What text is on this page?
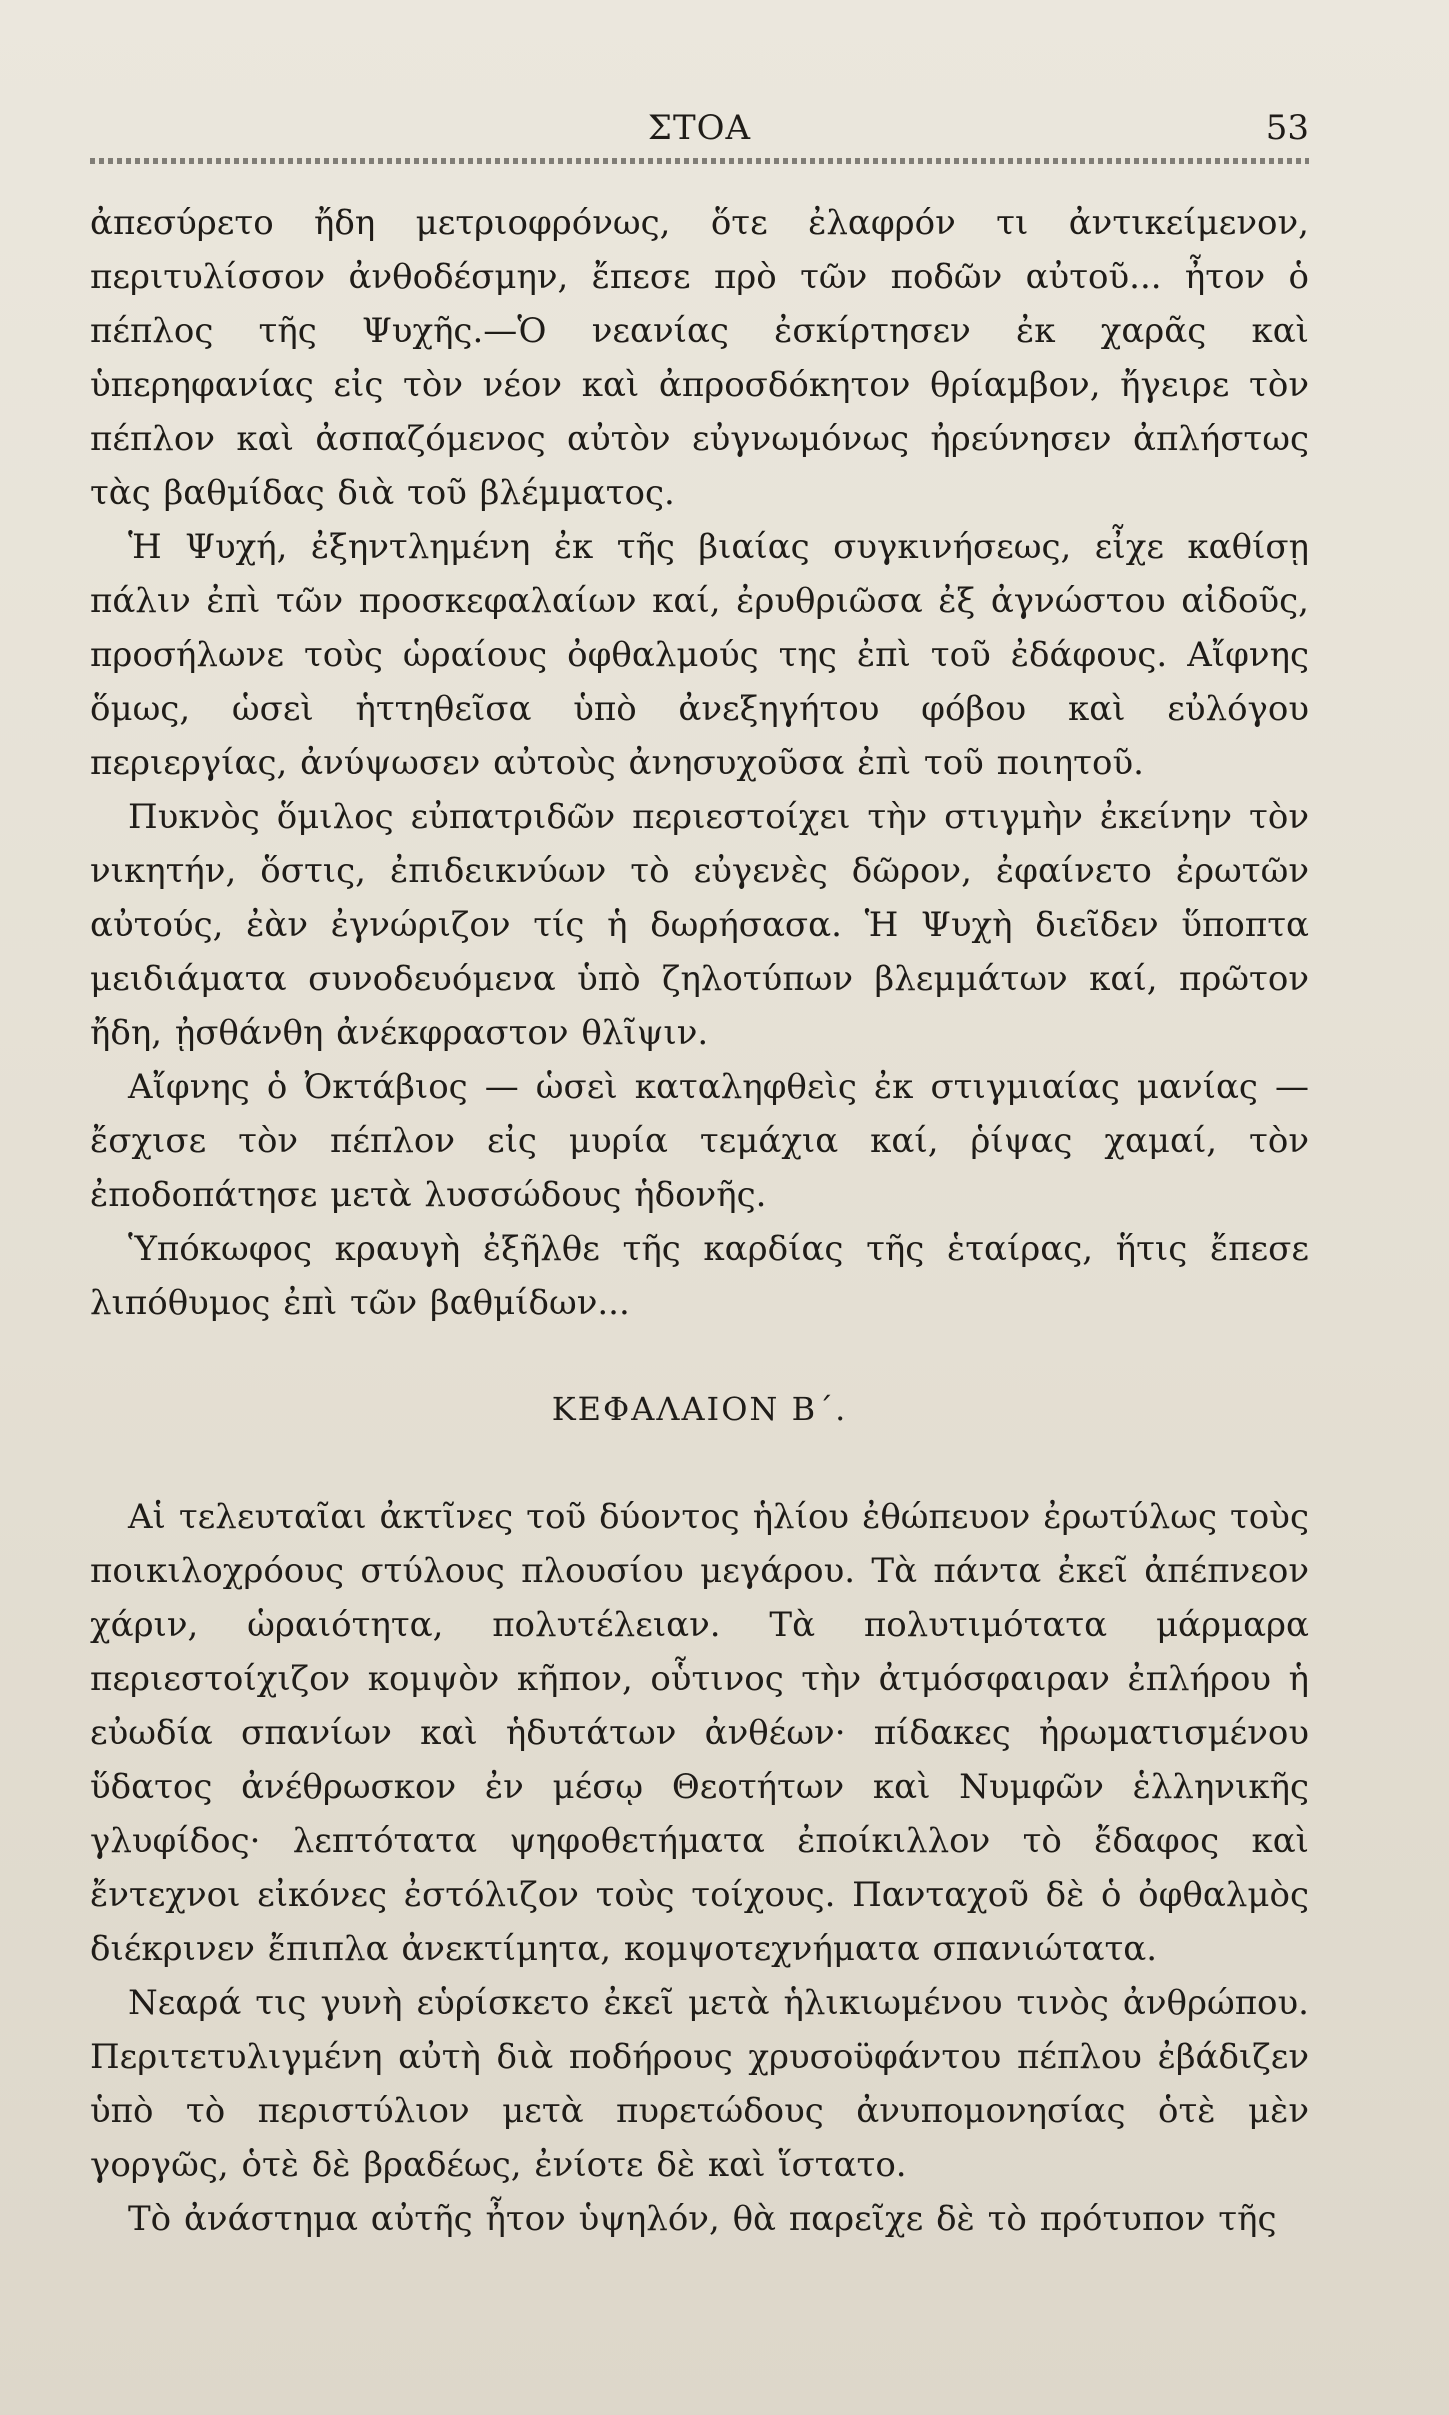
ΣΤΟΑ	53

ἀπεσύρετο ἤδη μετριοφρόνως, ὅτε ἐλαφρόν τι ἀντικείμενον, περιτυλίσσον ἀνθοδέσμην, ἔπεσε πρὸ τῶν ποδῶν αὐτοῦ... ἦτον ὁ πέπλος τῆς Ψυχῆς.—Ὁ νεανίας ἐσκίρτησεν ἐκ χαρᾶς καὶ ὑπερηφανίας εἰς τὸν νέον καὶ ἀπροσδόκητον θρίαμβον, ἤγειρε τὸν πέπλον καὶ ἀσπαζόμενος αὐτὸν εὐγνωμόνως ἠρεύνησεν ἀπλήστως τὰς βαθμίδας διὰ τοῦ βλέμματος.

Ἡ Ψυχή, ἐξηντλημένη ἐκ τῆς βιαίας συγκινήσεως, εἶχε καθίσῃ πάλιν ἐπὶ τῶν προσκεφαλαίων καί, ἐρυθριῶσα ἐξ ἀγνώστου αἰδοῦς, προσήλωνε τοὺς ὡραίους ὀφθαλμούς της ἐπὶ τοῦ ἐδάφους. Αἴφνης ὅμως, ὡσεὶ ἡττηθεῖσα ὑπὸ ἀνεξηγήτου φόβου καὶ εὐλόγου περιεργίας, ἀνύψωσεν αὐτοὺς ἀνησυχοῦσα ἐπὶ τοῦ ποιητοῦ.

Πυκνὸς ὅμιλος εὐπατριδῶν περιεστοίχει τὴν στιγμὴν ἐκείνην τὸν νικητήν, ὅστις, ἐπιδεικνύων τὸ εὐγενὲς δῶρον, ἐφαίνετο ἐρωτῶν αὐτούς, ἐὰν ἐγνώριζον τίς ἡ δωρήσασα. Ἡ Ψυχὴ διεῖδεν ὕποπτα μειδιάματα συνοδευόμενα ὑπὸ ζηλοτύπων βλεμμάτων καί, πρῶτον ἤδη, ᾐσθάνθη ἀνέκφραστον θλῖψιν.

Αἴφνης ὁ Ὀκτάβιος — ὡσεὶ καταληφθεὶς ἐκ στιγμιαίας μανίας — ἔσχισε τὸν πέπλον εἰς μυρία τεμάχια καί, ῥίψας χαμαί, τὸν ἐποδοπάτησε μετὰ λυσσώδους ἡδονῆς.

Ὑπόκωφος κραυγὴ ἐξῆλθε τῆς καρδίας τῆς ἑταίρας, ἥτις ἔπεσε λιπόθυμος ἐπὶ τῶν βαθμίδων...

ΚΕΦΑΛΑΙΟΝ Β΄.

Αἱ τελευταῖαι ἀκτῖνες τοῦ δύοντος ἡλίου ἐθώπευον ἐρωτύλως τοὺς ποικιλοχρόους στύλους πλουσίου μεγάρου. Τὰ πάντα ἐκεῖ ἀπέπνεον χάριν, ὡραιότητα, πολυτέλειαν. Τὰ πολυτιμότατα μάρμαρα περιεστοίχιζον κομψὸν κῆπον, οὗτινος τὴν ἀτμόσφαιραν ἐπλήρου ἡ εὐωδία σπανίων καὶ ἡδυτάτων ἀνθέων· πίδακες ἠρωματισμένου ὕδατος ἀνέθρωσκον ἐν μέσῳ Θεοτήτων καὶ Νυμφῶν ἑλληνικῆς γλυφίδος· λεπτότατα ψηφοθετήματα ἐποίκιλλον τὸ ἔδαφος καὶ ἔντεχνοι εἰκόνες ἐστόλιζον τοὺς τοίχους. Πανταχοῦ δὲ ὁ ὀφθαλμὸς διέκρινεν ἔπιπλα ἀνεκτίμητα, κομψοτεχνήματα σπανιώτατα.

Νεαρά τις γυνὴ εὑρίσκετο ἐκεῖ μετὰ ἡλικιωμένου τινὸς ἀνθρώπου. Περιτετυλιγμένη αὐτὴ διὰ ποδήρους χρυσοϋφάντου πέπλου ἐβάδιζεν ὑπὸ τὸ περιστύλιον μετὰ πυρετώδους ἀνυπομονησίας ὁτὲ μὲν γοργῶς, ὁτὲ δὲ βραδέως, ἐνίοτε δὲ καὶ ἵστατο.

Τὸ ἀνάστημα αὐτῆς ἦτον ὑψηλόν, θὰ παρεῖχε δὲ τὸ πρότυπον τῆς
